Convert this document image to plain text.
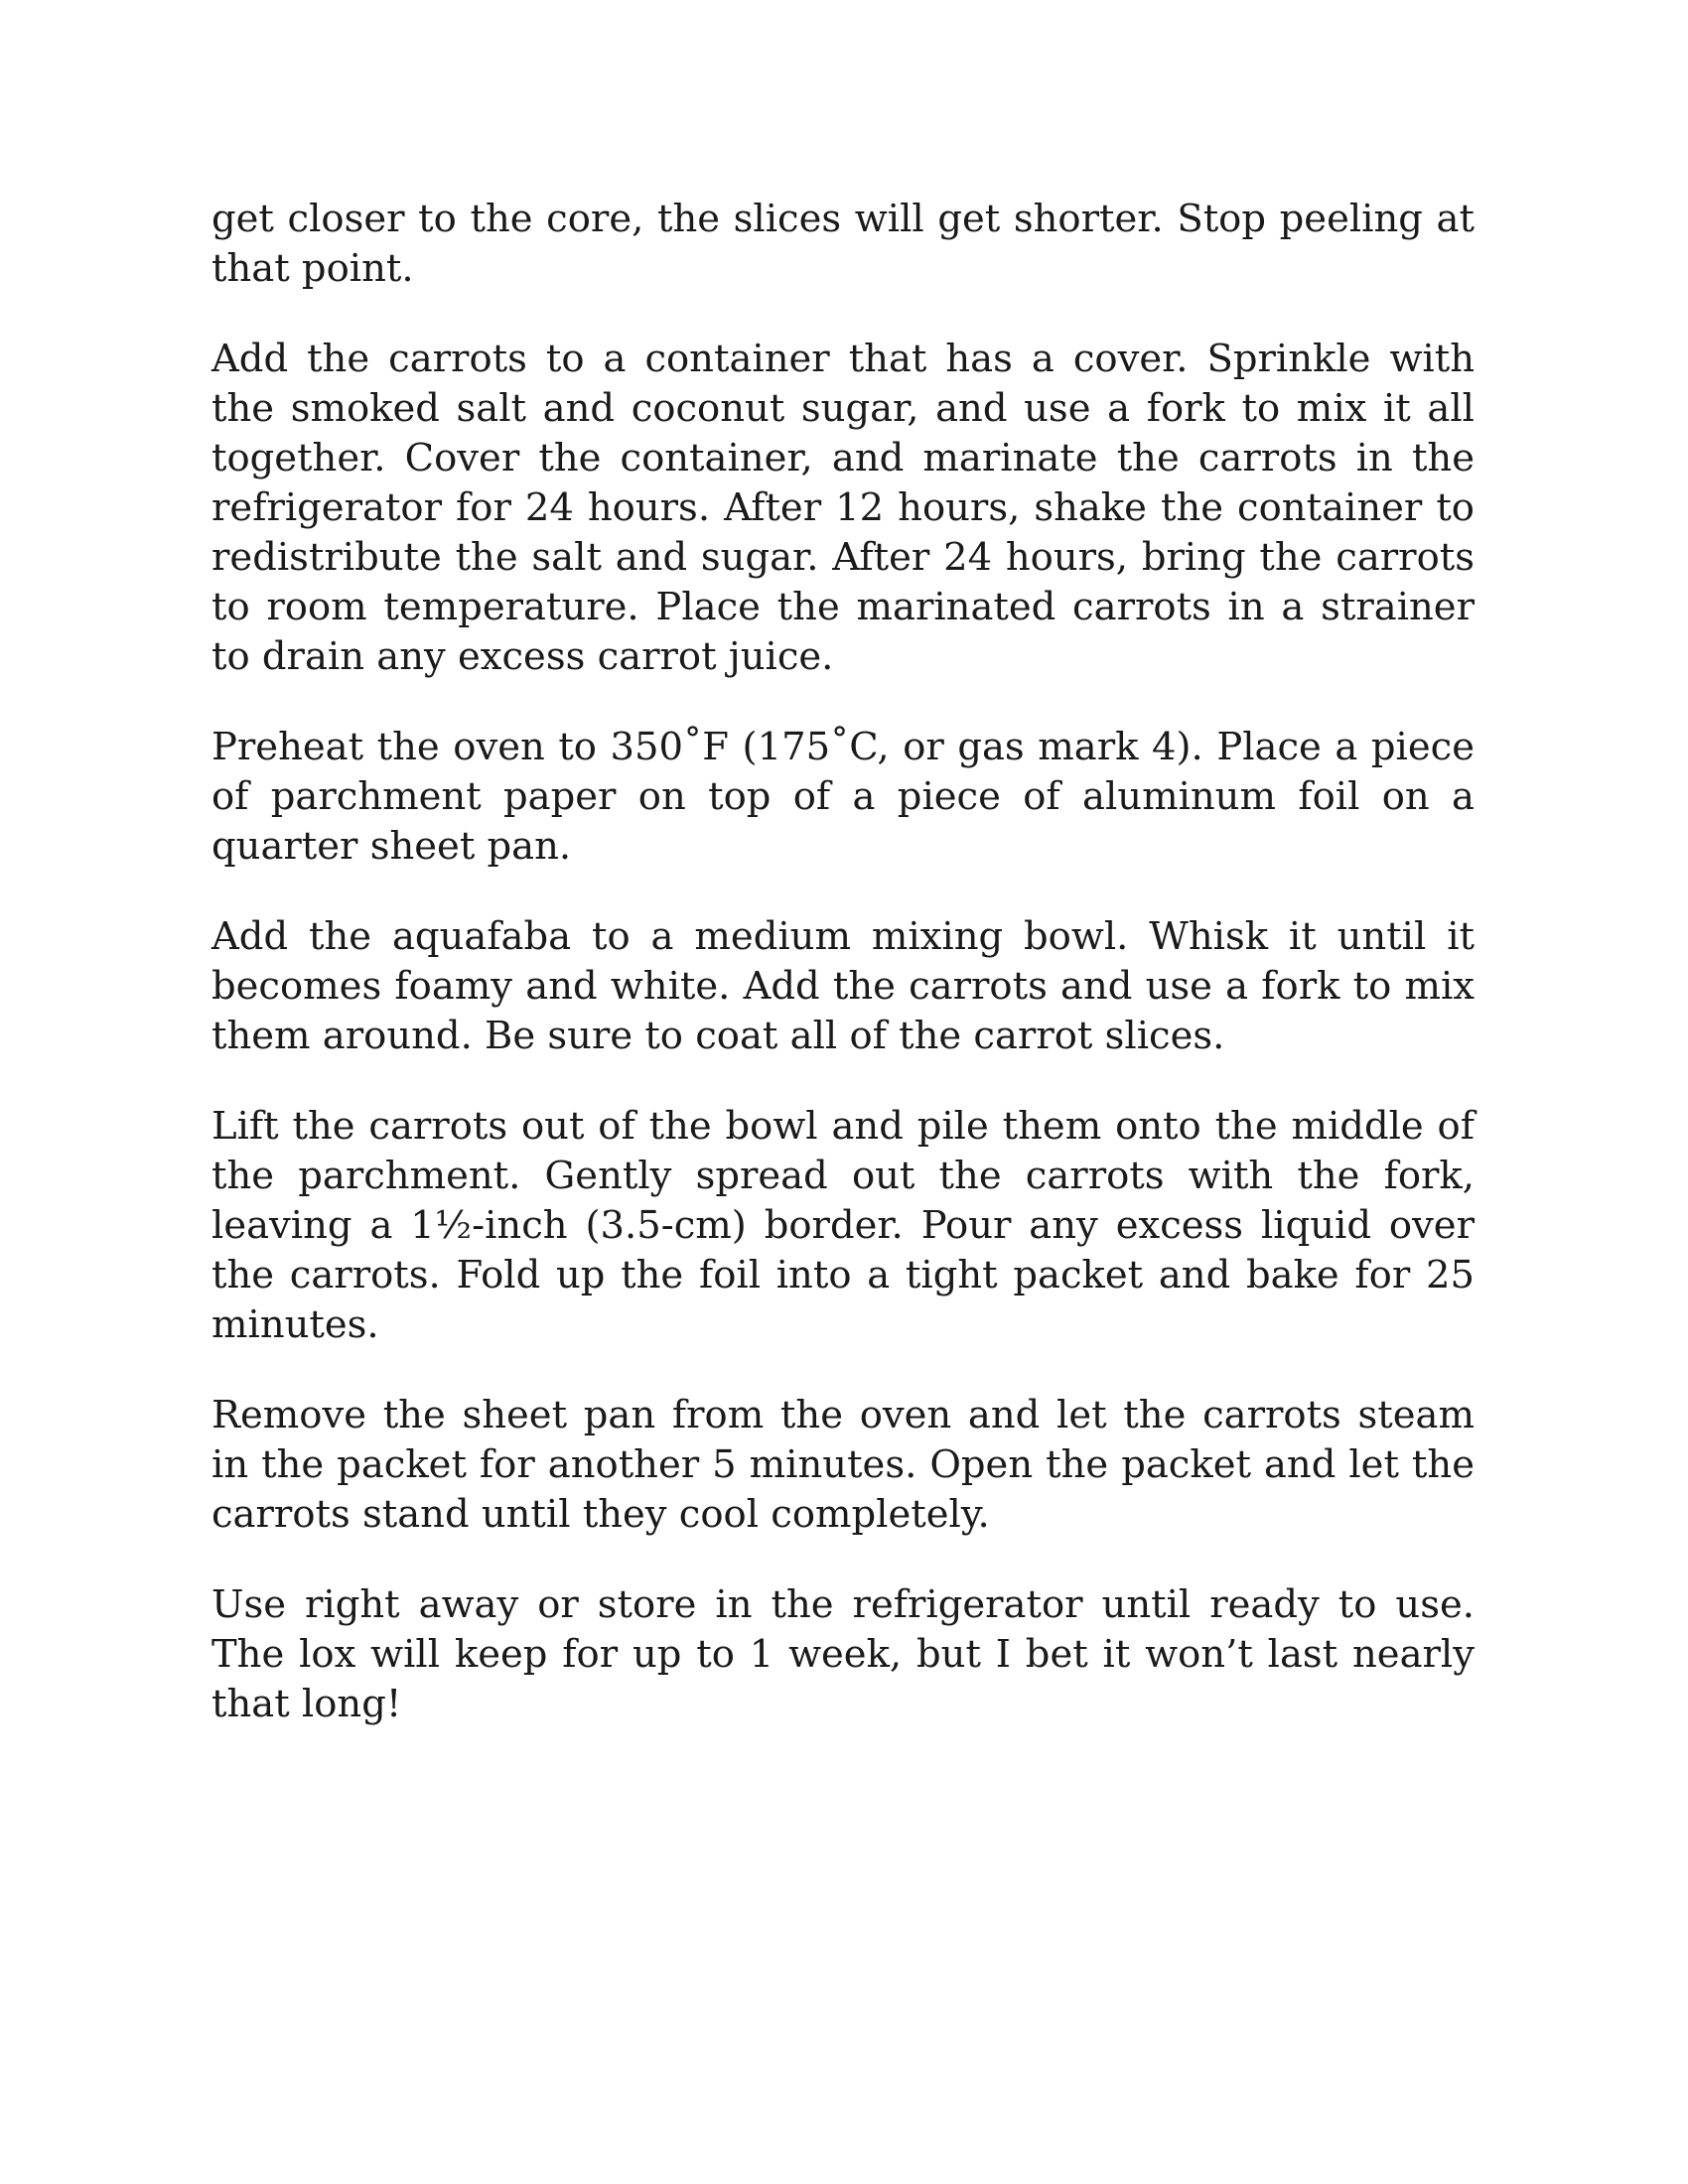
get closer to the core, the slices will get shorter. Stop peeling at that point.

Add the carrots to a container that has a cover. Sprinkle with the smoked salt and coconut sugar, and use a fork to mix it all together. Cover the container, and marinate the carrots in the refrigerator for 24 hours. After 12 hours, shake the container to redistribute the salt and sugar. After 24 hours, bring the carrots to room temperature. Place the marinated carrots in a strainer to drain any excess carrot juice.

Preheat the oven to 350˚F (175˚C, or gas mark 4). Place a piece of parchment paper on top of a piece of aluminum foil on a quarter sheet pan.

Add the aquafaba to a medium mixing bowl. Whisk it until it becomes foamy and white. Add the carrots and use a fork to mix them around. Be sure to coat all of the carrot slices.

Lift the carrots out of the bowl and pile them onto the middle of the parchment. Gently spread out the carrots with the fork, leaving a 1½-inch (3.5-cm) border. Pour any excess liquid over the carrots. Fold up the foil into a tight packet and bake for 25 minutes.

Remove the sheet pan from the oven and let the carrots steam in the packet for another 5 minutes. Open the packet and let the carrots stand until they cool completely.

Use right away or store in the refrigerator until ready to use. The lox will keep for up to 1 week, but I bet it won’t last nearly that long!
